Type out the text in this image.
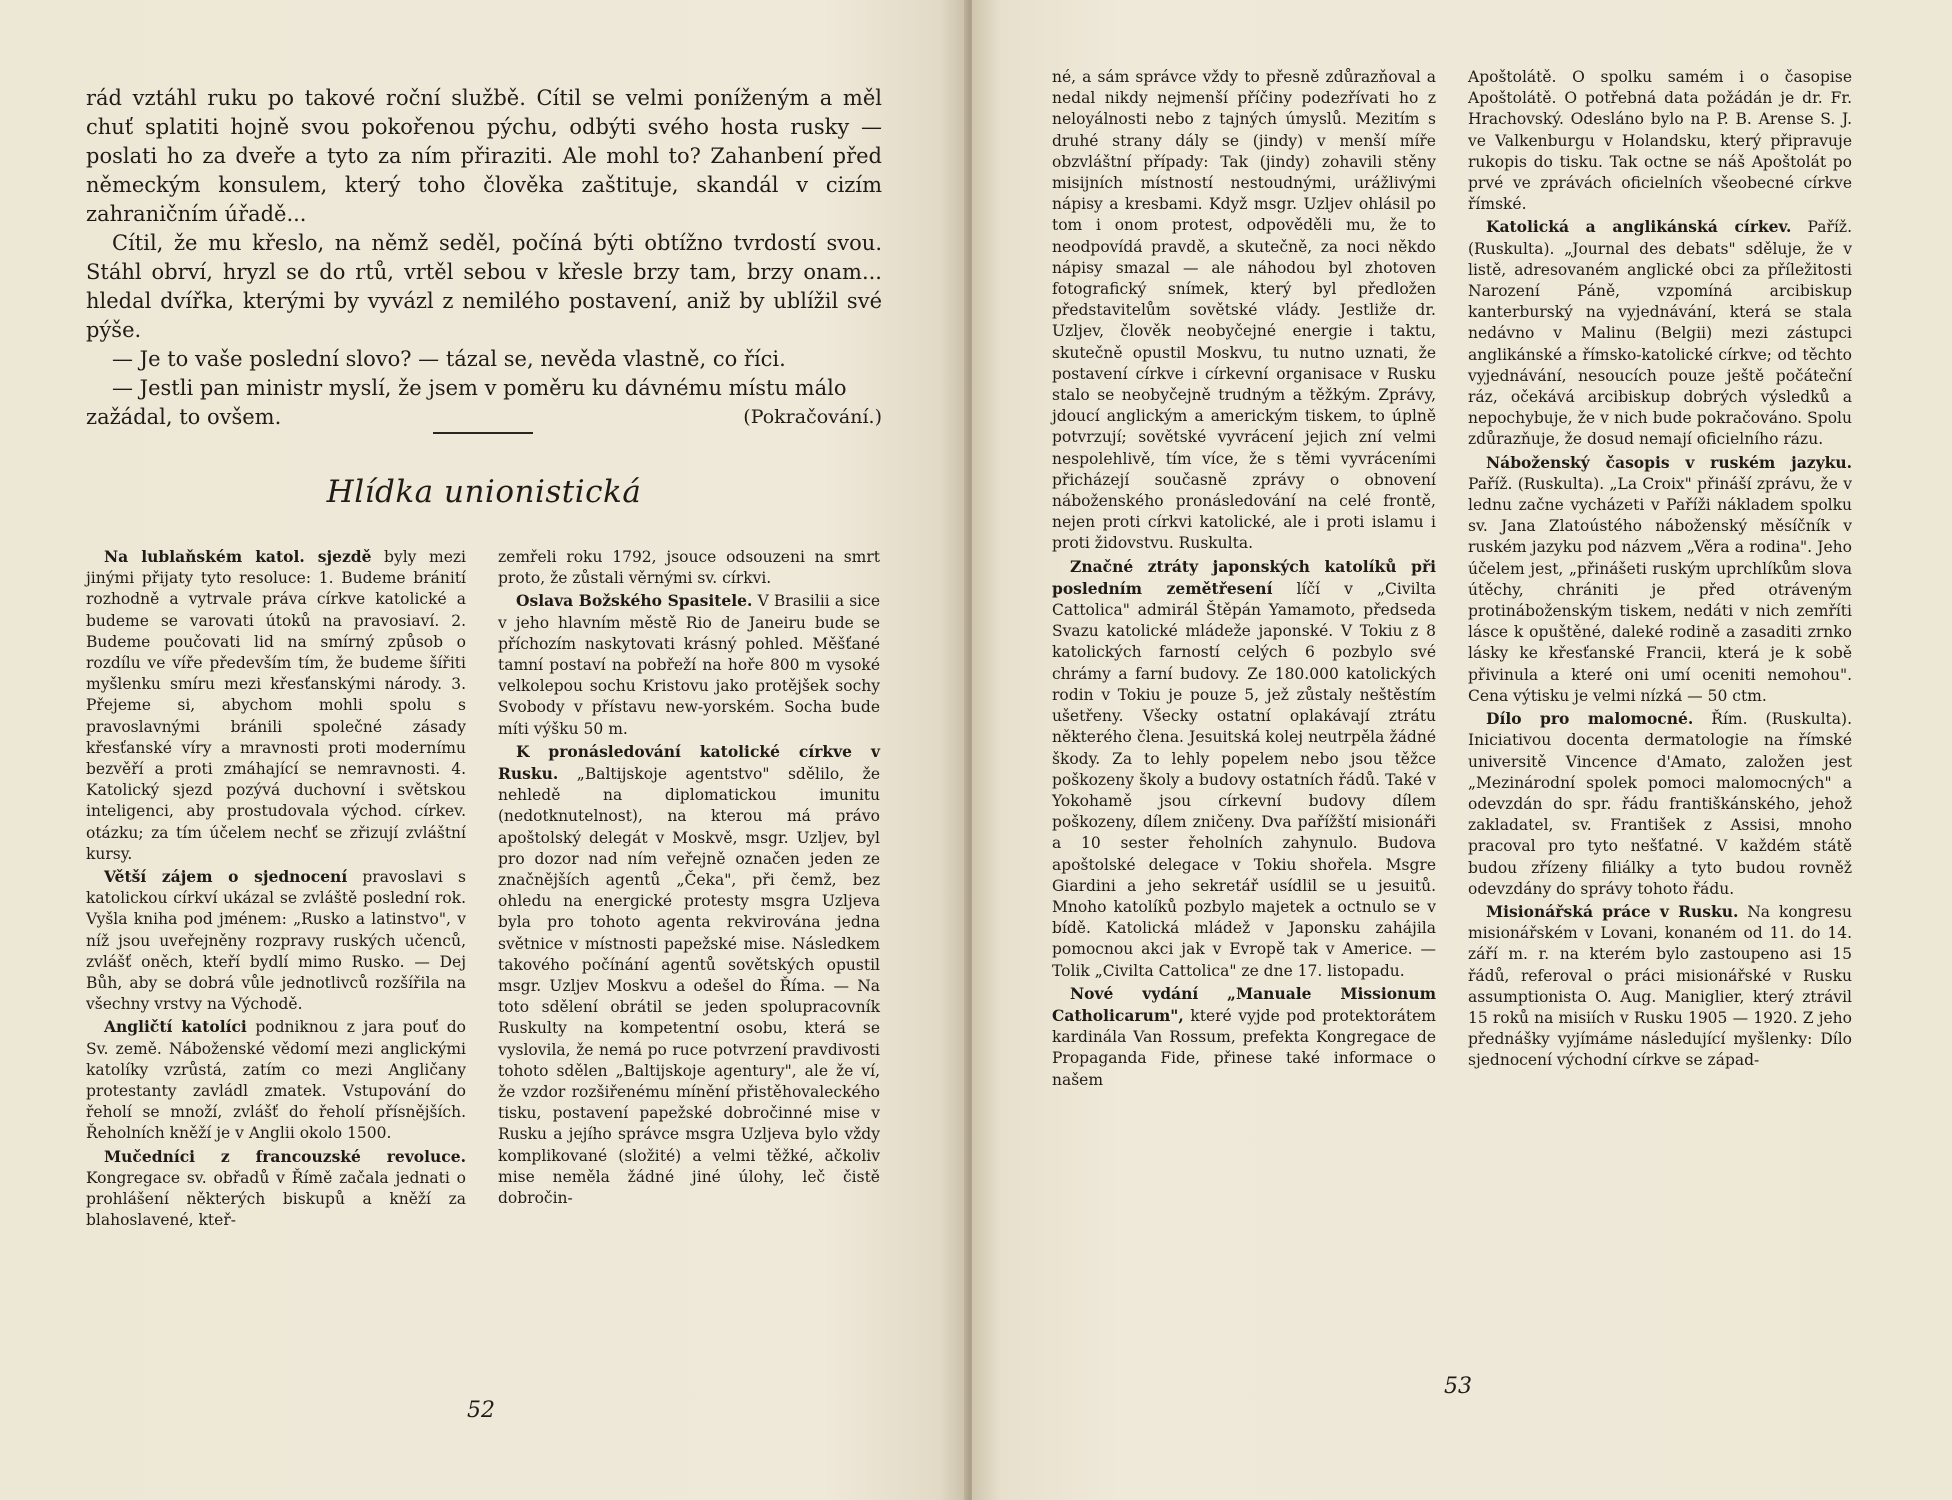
rád vztáhl ruku po takové roční službě. Cítil se velmi poníženým a měl chuť splatiti hojně svou pokořenou pýchu, odbýti svého hosta rusky — poslati ho za dveře a tyto za ním přiraziti. Ale mohl to? Zahanbení před německým konsulem, který toho člověka zaštituje, skandál v cizím zahraničním úřadě...

Cítil, že mu křeslo, na němž seděl, počíná býti obtížno tvrdostí svou. Stáhl obrví, hryzl se do rtů, vrtěl sebou v křesle brzy tam, brzy onam... hledal dvířka, kterými by vyvázl z nemilého postavení, aniž by ublížil své pýše.

— Je to vaše poslední slovo? — tázal se, nevěda vlastně, co říci.

— Jestli pan ministr myslí, že jsem v poměru ku dávnému místu málo zažádal, to ovšem.	(Pokračování.)

Hlídka unionistická

Na lublaňském katol. sjezdě byly mezi jinými přijaty tyto resoluce: 1. Budeme bránití rozhodně a vytrvale práva církve katolické a budeme se varovati útoků na pravosiaví. 2. Budeme poučovati lid na smírný způsob o rozdílu ve víře především tím, že budeme šířiti myšlenku smíru mezi křesťanskými národy. 3. Přejeme si, abychom mohli spolu s pravoslavnými bránili společné zásady křesťanské víry a mravnosti proti modernímu bezvěří a proti zmáhající se nemravnosti. 4. Katolický sjezd pozývá duchovní i světskou inteligenci, aby prostudovala východ. církev. otázku; za tím účelem nechť se zřizují zvláštní kursy.

Větší zájem o sjednocení pravoslavi s katolickou církví ukázal se zvláště poslední rok. Vyšla kniha pod jménem: „Rusko a latinstvo", v níž jsou uveřejněny rozpravy ruských učenců, zvlášť oněch, kteří bydlí mimo Rusko. — Dej Bůh, aby se dobrá vůle jednotlivců rozšířila na všechny vrstvy na Východě.

Angličtí katolíci podniknou z jara pouť do Sv. země. Náboženské vědomí mezi anglickými katolíky vzrůstá, zatím co mezi Angličany protestanty zavládl zmatek. Vstupování do řeholí se množí, zvlášť do řeholí přísnějších. Řeholních kněží je v Anglii okolo 1500.

Mučedníci z francouzské revoluce. Kongregace sv. obřadů v Římě začala jednati o prohlášení některých biskupů a kněží za blahoslavené, kteř-

zemřeli roku 1792, jsouce odsouzeni na smrt proto, že zůstali věrnými sv. církvi.

Oslava Božského Spasitele. V Brasilii a sice v jeho hlavním městě Rio de Janeiru bude se příchozím naskytovati krásný pohled. Měšťané tamní postaví na pobřeží na hoře 800 m vysoké velkolepou sochu Kristovu jako protějšek sochy Svobody v přístavu new-yorském. Socha bude míti výšku 50 m.

K pronásledování katolické církve v Rusku. „Baltijskoje agentstvo" sdělilo, že nehledě na diplomatickou imunitu (nedotknutelnost), na kterou má právo apoštolský delegát v Moskvě, msgr. Uzljev, byl pro dozor nad ním veřejně označen jeden ze značnějších agentů „Čeka", při čemž, bez ohledu na energické protesty msgra Uzljeva byla pro tohoto agenta rekvirována jedna světnice v místnosti papežské mise. Následkem takového počínání agentů sovětských opustil msgr. Uzljev Moskvu a odešel do Říma. — Na toto sdělení obrátil se jeden spolupracovník Ruskulty na kompetentní osobu, která se vyslovila, že nemá po ruce potvrzení pravdivosti tohoto sdělen „Baltijskoje agentury", ale že ví, že vzdor rozšiřenému mínění přistěhovaleckého tisku, postavení papežské dobročinné mise v Rusku a jejího správce msgra Uzljeva bylo vždy komplikované (složité) a velmi těžké, ačkoliv mise neměla žádné jiné úlohy, leč čistě dobročin-

52

né, a sám správce vždy to přesně zdůrazňoval a nedal nikdy nejmenší příčiny podezřívati ho z neloyálnosti nebo z tajných úmyslů. Mezitím s druhé strany dály se (jindy) v menší míře obzvláštní případy: Tak (jindy) zohavili stěny misijních místností nestoudnými, urážlivými nápisy a kresbami. Když msgr. Uzljev ohlásil po tom i onom protest, odpověděli mu, že to neodpovídá pravdě, a skutečně, za noci někdo nápisy smazal — ale náhodou byl zhotoven fotografický snímek, který byl předložen představitelům sovětské vlády. Jestliže dr. Uzljev, člověk neobyčejné energie i taktu, skutečně opustil Moskvu, tu nutno uznati, že postavení církve i církevní organisace v Rusku stalo se neobyčejně trudným a těžkým. Zprávy, jdoucí anglickým a americkým tiskem, to úplně potvrzují; sovětské vyvrácení jejich zní velmi nespolehlivě, tím více, že s těmi vyvráceními přicházejí současně zprávy o obnovení náboženského pronásledování na celé frontě, nejen proti církvi katolické, ale i proti islamu i proti židovstvu. Ruskulta.

Značné ztráty japonských katolíků při posledním zemětřesení líčí v „Civilta Cattolica" admirál Štěpán Yamamoto, předseda Svazu katolické mládeže japonské. V Tokiu z 8 katolických farností celých 6 pozbylo své chrámy a farní budovy. Ze 180.000 katolických rodin v Tokiu je pouze 5, jež zůstaly neštěstím ušetřeny. Všecky ostatní oplakávají ztrátu některého člena. Jesuitská kolej neutrpěla žádné škody. Za to lehly popelem nebo jsou těžce poškozeny školy a budovy ostatních řádů. Také v Yokohamě jsou církevní budovy dílem poškozeny, dílem zničeny. Dva pařížští misionáři a 10 sester řeholních zahynulo. Budova apoštolské delegace v Tokiu shořela. Msgre Giardini a jeho sekretář usídlil se u jesuitů. Mnoho katolíků pozbylo majetek a octnulo se v bídě. Katolická mládež v Japonsku zahájila pomocnou akci jak v Evropě tak v Americe. — Tolik „Civilta Cattolica" ze dne 17. listopadu.

Nové vydání „Manuale Missionum Catholicarum", které vyjde pod protektorátem kardinála Van Rossum, prefekta Kongregace de Propaganda Fide, přinese také informace o našem

Apoštolátě. O spolku samém i o časopise Apoštolátě. O potřebná data požádán je dr. Fr. Hrachovský. Odesláno bylo na P. B. Arense S. J. ve Valkenburgu v Holandsku, který připravuje rukopis do tisku. Tak octne se náš Apoštolát po prvé ve zprávách oficielních všeobecné církve římské.

Katolická a anglikánská církev. Paříž. (Ruskulta). „Journal des debats" sděluje, že v listě, adresovaném anglické obci za příležitosti Narození Páně, vzpomíná arcibiskup kanterburský na vyjednávání, která se stala nedávno v Malinu (Belgii) mezi zástupci anglikánské a římsko-katolické církve; od těchto vyjednávání, nesoucích pouze ještě počáteční ráz, očekává arcibiskup dobrých výsledků a nepochybuje, že v nich bude pokračováno. Spolu zdůrazňuje, že dosud nemají oficielního rázu.

Náboženský časopis v ruském jazyku. Paříž. (Ruskulta). „La Croix" přináší zprávu, že v lednu začne vycházeti v Paříži nákladem spolku sv. Jana Zlatoústého náboženský měsíčník v ruském jazyku pod názvem „Věra a rodina". Jeho účelem jest, „přinášeti ruským uprchlíkům slova útěchy, chrániti je před otráveným protináboženským tiskem, nedáti v nich zemříti lásce k opuštěné, daleké rodině a zasaditi zrnko lásky ke křesťanské Francii, která je k sobě přivinula a které oni umí oceniti nemohou". Cena výtisku je velmi nízká — 50 ctm.

Dílo pro malomocné. Řím. (Ruskulta). Iniciativou docenta dermatologie na římské universitě Vincence d'Amato, založen jest „Mezinárodní spolek pomoci malomocných" a odevzdán do spr. řádu františkánského, jehož zakladatel, sv. František z Assisi, mnoho pracoval pro tyto nešťatné. V každém státě budou zřízeny filiálky a tyto budou rovněž odevzdány do správy tohoto řádu.

Misionářská práce v Rusku. Na kongresu misionářském v Lovani, konaném od 11. do 14. září m. r. na kterém bylo zastoupeno asi 15 řádů, referoval o práci misionářské v Rusku assumptionista O. Aug. Maniglier, který ztrávil 15 roků na misiích v Rusku 1905 — 1920. Z jeho přednášky vyjímáme následující myšlenky: Dílo sjednocení východní církve se západ-

53
